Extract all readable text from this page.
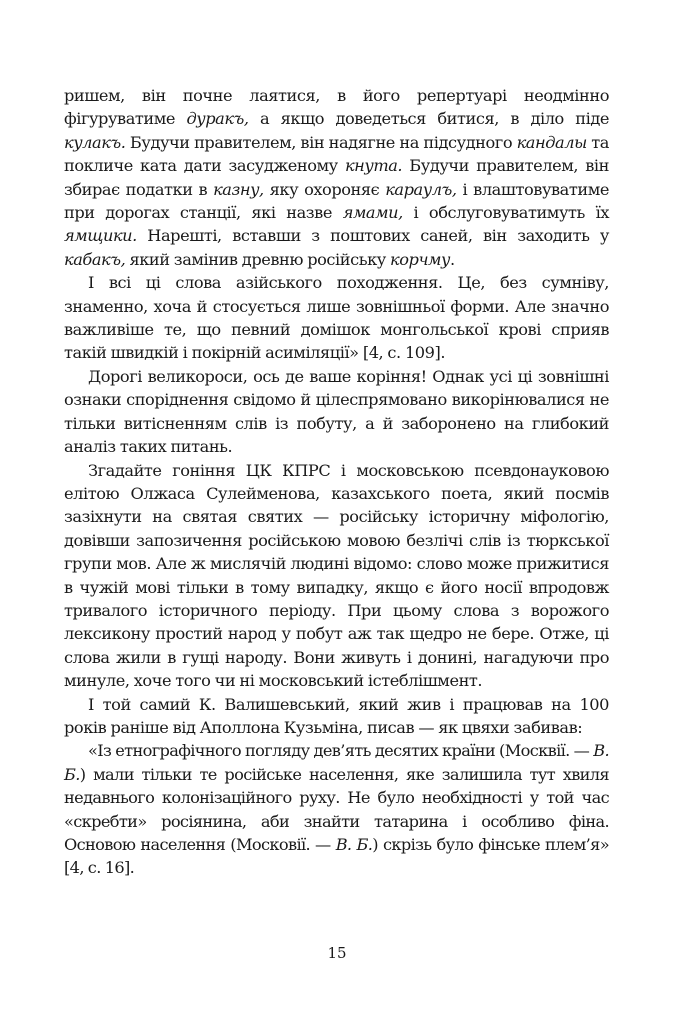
ришем, він почне лаятися, в його репертуарі неодмінно фігуруватиме дуракъ, а якщо доведеться битися, в діло піде кулакъ. Будучи правителем, він надягне на підсудного кандалы та покличе ката дати засудженому кнута. Будучи правителем, він збирає податки в казну, яку охороняє караулъ, і влаштовуватиме при дорогах станції, які назве ямами, і обслуговуватимуть їх ямщики. Нарешті, вставши з поштових саней, він заходить у кабакъ, який замінив древню російську корчму.

І всі ці слова азійського походження. Це, без сумніву, знаменно, хоча й стосується лише зовнішньої форми. Але значно важливіше те, що певний домішок монгольської крові сприяв такій швидкій і покірній асиміляції» [4, с. 109].

Дорогі великороси, ось де ваше коріння! Однак усі ці зовнішні ознаки споріднення свідомо й цілеспрямовано викорінювалися не тільки витісненням слів із побуту, а й заборонено на глибокий аналіз таких питань.

Згадайте гоніння ЦК КПРС і московською псевдонауковою елітою Олжаса Сулейменова, казахського поета, який посмів зазіхнути на святая святих — російську історичну міфологію, довівши запозичення російською мовою безлічі слів із тюркської групи мов. Але ж мислячій людині відомо: слово може прижитися в чужій мові тільки в тому випадку, якщо є його носії впродовж тривалого історичного періоду. При цьому слова з ворожого лексикону простий народ у побут аж так щедро не бере. Отже, ці слова жили в гущі народу. Вони живуть і донині, нагадуючи про минуле, хоче того чи ні московський істеблішмент.

І той самий К. Валишевський, який жив і працював на 100 років раніше від Аполлона Кузьміна, писав — як цвяхи забивав:

«Із етнографічного погляду дев’ять десятих країни (Москвії. — В. Б.) мали тільки те російське населення, яке залишила тут хвиля недавнього колонізаційного руху. Не було необхідності у той час «скребти» росіянина, аби знайти татарина і особливо фіна. Основою населення (Московії. — В. Б.) скрізь було фінське плем’я» [4, с. 16].

15
